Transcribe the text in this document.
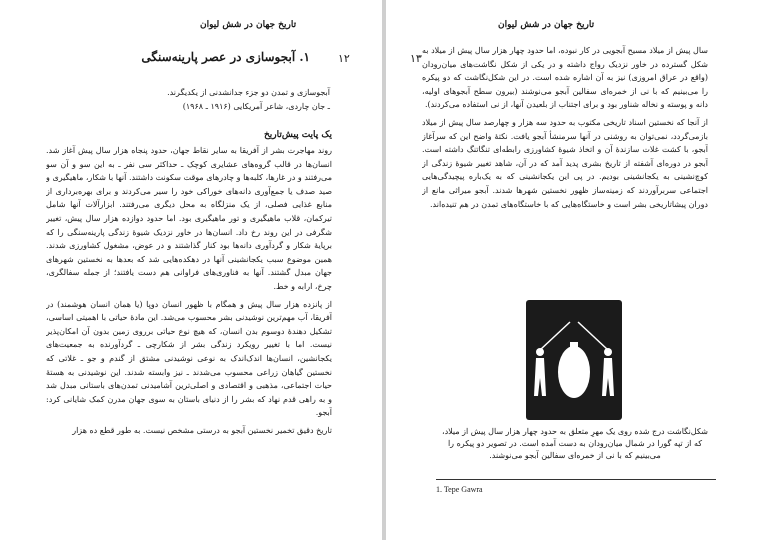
تاریخ جهان در شش لیوان
۱۲
۱. آبجوسازی در عصر پارینه‌سنگی
آبجوسازی و تمدن دو جزء جدانشدنی از یکدیگرند.
ـ جان چاردی، شاعر آمریکایی (۱۹۱۶ ـ ۱۹۶۸)
یک پایت پیش‌تاریخ

روند مهاجرت بشر از آفریقا به سایر نقاط جهان، حدود پنجاه هزار سال پیش آغاز شد. انسان‌ها در قالب گروه‌های عشایری کوچک ـ حداکثر سی نفر ـ به این سو و آن سو می‌رفتند و در غارها، کلبه‌ها و چادرهای موقت سکونت داشتند. آنها با شکار، ماهیگیری و صید صدف یا جمع‌آوری دانه‌های خوراکی خود را سیر می‌کردند و برای بهره‌برداری از منابع غذایی فصلی، از یک منزلگاه به محل دیگری می‌رفتند. ابزارآلات آنها شامل تیرکمان، قلاب ماهیگیری و تور ماهیگیری بود. اما حدود دوازده هزار سال پیش، تغییر شگرفی در این روند رخ داد. انسان‌ها در خاور نزدیک شیوهٔ زندگی پارینه‌سنگی را که برپایهٔ شکار و گردآوری دانه‌ها بود کنار گذاشتند و در عوض، مشغول کشاورزی شدند. همین موضوع سبب یکجانشینی آنها در دهکده‌هایی شد که بعدها به نخستین شهرهای جهان مبدل گشتند. آنها به فناوری‌های فراوانی هم دست یافتند؛ از جمله سفالگری، چرخ، ارابه و خط.

از پانزده هزار سال پیش و همگام با ظهور انسان دوپا (یا همان انسان هوشمند) در آفریقا، آب مهم‌ترین نوشیدنی بشر محسوب می‌شد. این مادهٔ حیاتی با اهمیتی اساسی، تشکیل دهندهٔ دوسوم بدن انسان، که هیچ نوع حیاتی برروی زمین بدون آن امکان‌پذیر نیست. اما با تغییر رویکرد زندگی بشر از شکارچی ـ گردآورنده به جمعیت‌های یکجانشین، انسان‌ها اندک‌اندک به نوعی نوشیدنی مشتق از گندم و جو ـ غلاتی که نخستین گیاهان زراعی محسوب می‌شدند ـ نیز وابسته شدند. این نوشیدنی به هستهٔ حیات اجتماعی، مذهبی و اقتصادی و اصلی‌ترین آشامیدنی تمدن‌های باستانی مبدل شد و به راهی قدم نهاد که بشر را از دنیای باستان به سوی جهان مدرن کمک شایانی کرد: آبجو.

تاریخ دقیق تخمیر نخستین آبجو به درستی مشخص نیست. به طور قطع ده هزار

تاریخ جهان در شش لیوان
۱۳

سال پیش از میلاد مسیح آبجویی در کار نبوده، اما حدود چهار هزار سال پیش از میلاد به شکل گسترده در خاور نزدیک رواج داشته و در یکی از شکل نگاشت‌های میان‌رودان (واقع در عراق امروزی) نیز به آن اشاره شده است. در این شکل‌نگاشت که دو پیکره را می‌بینیم که با نی از خمره‌ای سفالین آبجو می‌نوشند (بیرون سطح آبجوهای اولیه، دانه و پوسته و نخاله شناور بود و برای اجتناب از بلعیدن آنها، از نی استفاده می‌کردند).

از آنجا که نخستین اسناد تاریخی مکتوب به حدود سه هزار و چهارصد سال پیش از میلاد بازمی‌گردد، نمی‌توان به روشنی در آنها سرمنشأ آبجو یافت. نکتهٔ واضح این که سرآغاز آبجو، با کشت غلات سازندهٔ آن و اتخاذ شیوهٔ کشاورزی رابطه‌ای تنگاتنگ داشته است. آبجو در دوره‌ای آشفته از تاریخ بشری پدید آمد که در آن، شاهد تغییر شیوهٔ زندگی از کوچ‌نشینی به یکجانشینی بودیم. در پی این یکجانشینی که به یک‌باره پیچیدگی‌هایی اجتماعی سربرآوردند که زمینه‌ساز ظهور نخستین شهرها شدند. آبجو میراثی مانع از دوران پیشاتاریخی بشر است و خاستگاه‌هایی که با خاستگاه‌های تمدن در هم تنیده‌اند.

شکل‌نگاشت درج شده روی یک مهرِ متعلق به حدود چهار هزار سال پیش از میلاد، که از تپه گورا در شمال میان‌رودان به دست آمده است. در تصویر دو پیکره را می‌بینیم که با نی از خمره‌ای سفالین آبجو می‌نوشند.
1. Tepe Gawra
